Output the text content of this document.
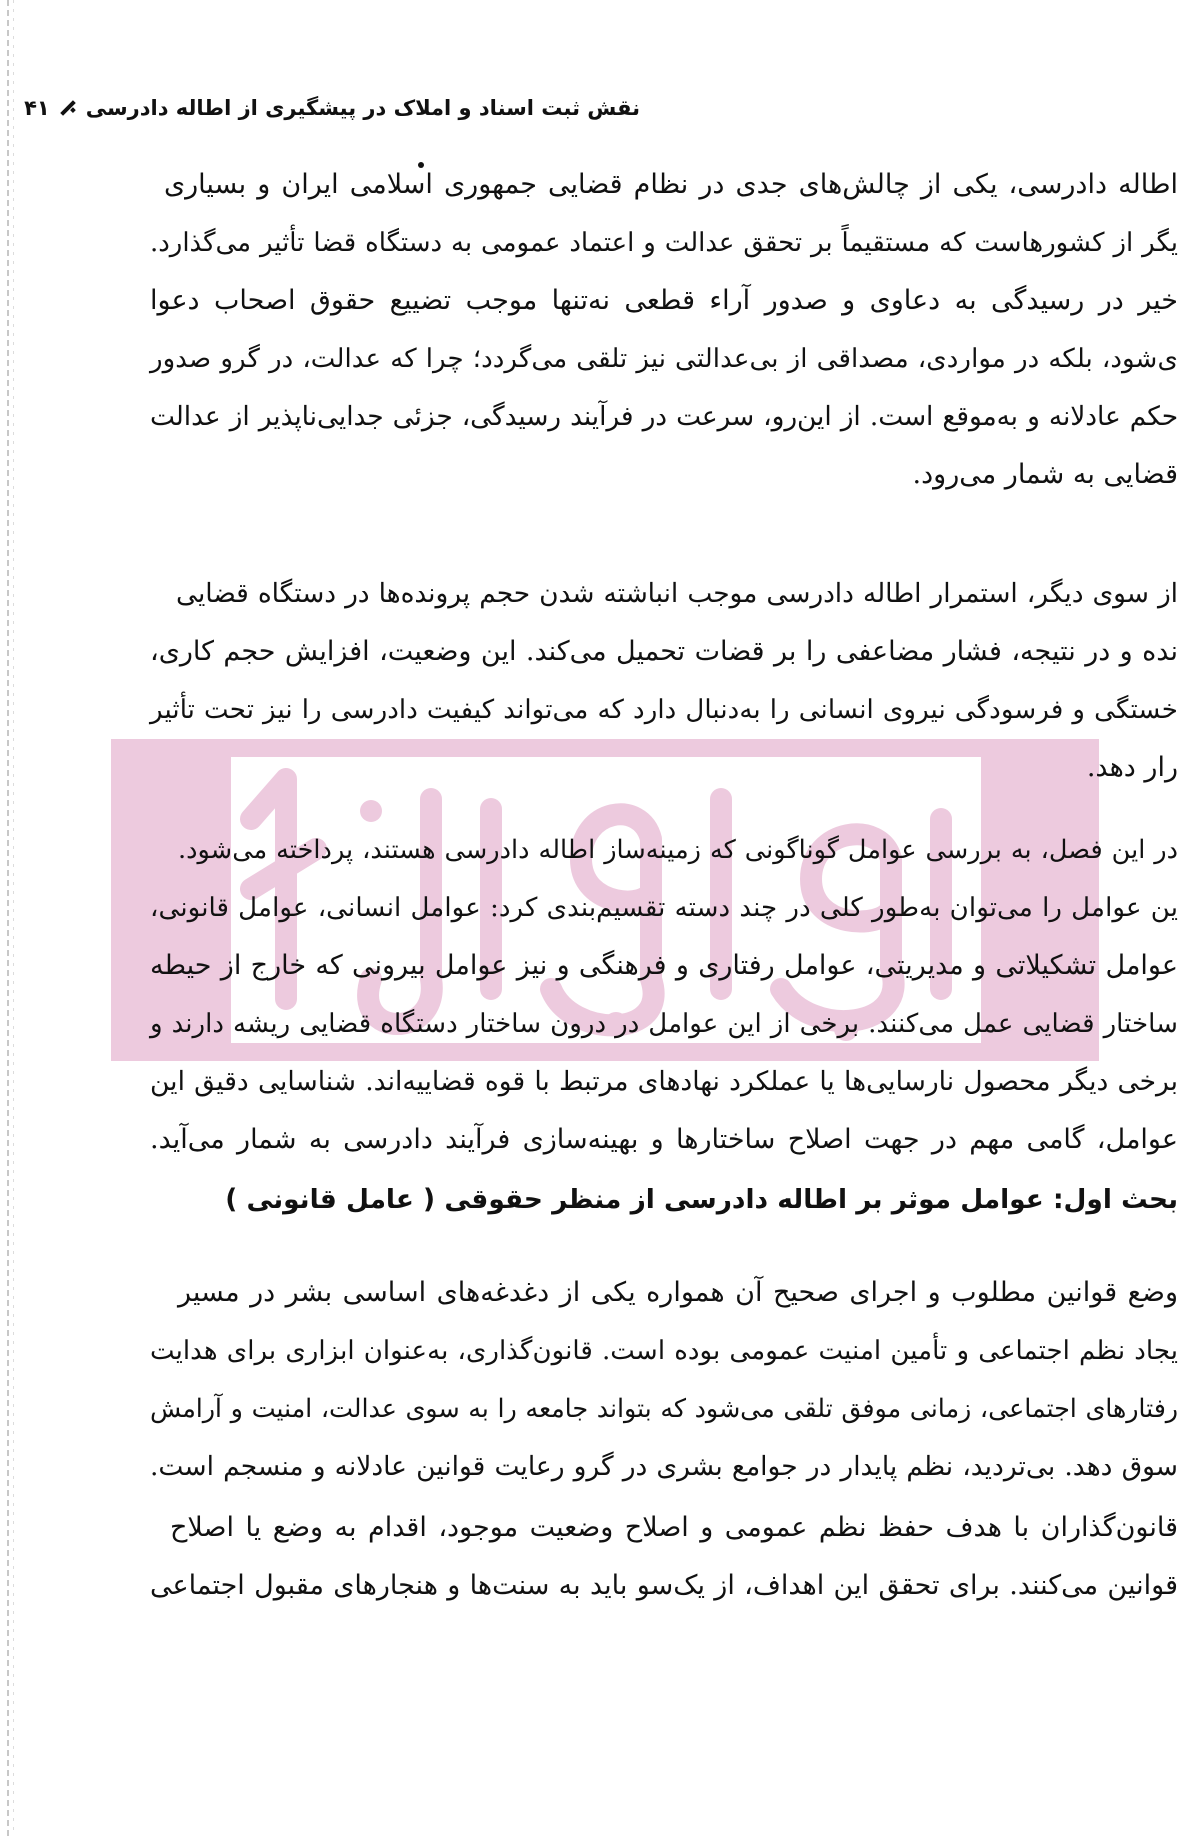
نقش ثبت اسناد و املاک در پیشگیری از اطاله دادرسی
۴۱
اطاله دادرسی، یکی از چالش‌های جدی در نظام قضایی جمهوری اسلامی ایران و بسیاری
یگر از کشورهاست که مستقیماً بر تحقق عدالت و اعتماد عمومی به دستگاه قضا تأثیر می‌گذارد.
خیر در رسیدگی به دعاوی و صدور آراء قطعی نه‌تنها موجب تضییع حقوق اصحاب دعوا
ی‌شود، بلکه در مواردی، مصداقی از بی‌عدالتی نیز تلقی می‌گردد؛ چرا که عدالت، در گرو صدور
حکم عادلانه و به‌موقع است. از این‌رو، سرعت در فرآیند رسیدگی، جزئی جدایی‌ناپذیر از عدالت
قضایی به شمار می‌رود.
از سوی دیگر، استمرار اطاله دادرسی موجب انباشته شدن حجم پرونده‌ها در دستگاه قضایی
نده و در نتیجه، فشار مضاعفی را بر قضات تحمیل می‌کند. این وضعیت، افزایش حجم کاری،
خستگی و فرسودگی نیروی انسانی را به‌دنبال دارد که می‌تواند کیفیت دادرسی را نیز تحت تأثیر
رار دهد.
در این فصل، به بررسی عوامل گوناگونی که زمینه‌ساز اطاله دادرسی هستند، پرداخته می‌شود.
ین عوامل را می‌توان به‌طور کلی در چند دسته تقسیم‌بندی کرد: عوامل انسانی، عوامل قانونی،
عوامل تشکیلاتی و مدیریتی، عوامل رفتاری و فرهنگی و نیز عوامل بیرونی که خارج از حیطه
ساختار قضایی عمل می‌کنند. برخی از این عوامل در درون ساختار دستگاه قضایی ریشه دارند و
برخی دیگر محصول نارسایی‌ها یا عملکرد نهادهای مرتبط با قوه قضاییه‌اند. شناسایی دقیق این
عوامل، گامی مهم در جهت اصلاح ساختارها و بهینه‌سازی فرآیند دادرسی به شمار می‌آید.
بحث اول: عوامل موثر بر اطاله دادرسی از منظر حقوقی ( عامل قانونی )
وضع قوانین مطلوب و اجرای صحیح آن همواره یکی از دغدغه‌های اساسی بشر در مسیر
یجاد نظم اجتماعی و تأمین امنیت عمومی بوده است. قانون‌گذاری، به‌عنوان ابزاری برای هدایت
رفتارهای اجتماعی، زمانی موفق تلقی می‌شود که بتواند جامعه را به سوی عدالت، امنیت و آرامش
سوق دهد. بی‌تردید، نظم پایدار در جوامع بشری در گرو رعایت قوانین عادلانه و منسجم است.
قانون‌گذاران با هدف حفظ نظم عمومی و اصلاح وضعیت موجود، اقدام به وضع یا اصلاح
قوانین می‌کنند. برای تحقق این اهداف، از یک‌سو باید به سنت‌ها و هنجارهای مقبول اجتماعی
